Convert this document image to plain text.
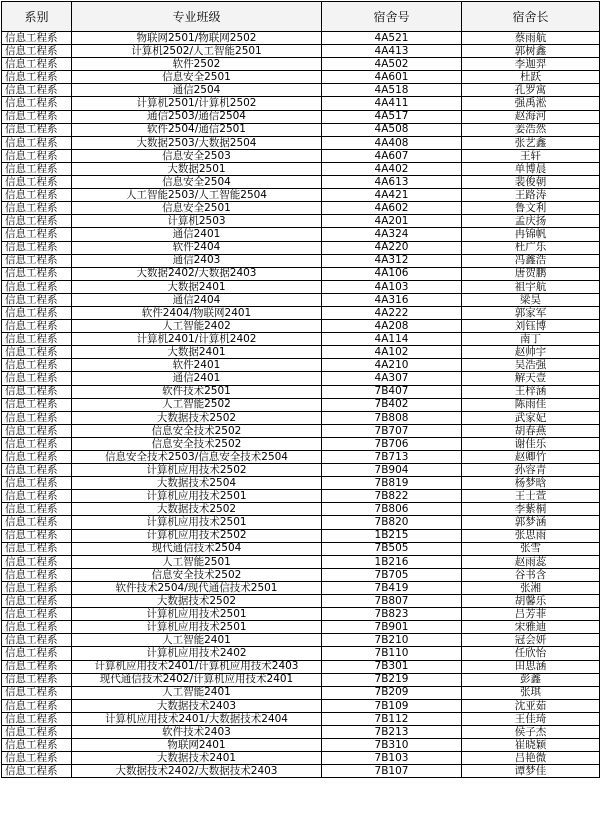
系别	专业班级	宿舍号	宿舍长
信息工程系	物联网2501/物联网2502	4A521	蔡雨航
信息工程系	计算机2502/人工智能2501	4A413	郭树鑫
信息工程系	软件2502	4A502	李迦羿
信息工程系	信息安全2501	4A601	杜跃
信息工程系	通信2504	4A518	孔罗寓
信息工程系	计算机2501/计算机2502	4A411	强禹淞
信息工程系	通信2503/通信2504	4A517	赵海河
信息工程系	软件2504/通信2501	4A508	姜浩然
信息工程系	大数据2503/大数据2504	4A408	张艺鑫
信息工程系	信息安全2503	4A607	王轩
信息工程系	大数据2501	4A402	单博晨
信息工程系	信息安全2504	4A613	裴俊朝
信息工程系	人工智能2503/人工智能2504	4A421	王路涛
信息工程系	信息安全2501	4A602	鲁文利
信息工程系	计算机2503	4A201	孟庆扬
信息工程系	通信2401	4A324	冉锦帆
信息工程系	软件2404	4A220	杜广乐
信息工程系	通信2403	4A312	冯鑫浩
信息工程系	大数据2402/大数据2403	4A106	唐贺鹏
信息工程系	大数据2401	4A103	祖宇航
信息工程系	通信2404	4A316	梁昊
信息工程系	软件2404/物联网2401	4A222	郭家军
信息工程系	人工智能2402	4A208	刘钰博
信息工程系	计算机2401/计算机2402	4A114	南丁
信息工程系	大数据2401	4A102	赵帅宇
信息工程系	软件2401	4A210	吴浩强
信息工程系	通信2401	4A307	解天壹
信息工程系	软件技术2501	7B407	王梓涵
信息工程系	人工智能2502	7B402	陈雨佳
信息工程系	大数据技术2502	7B808	武家妃
信息工程系	信息安全技术2502	7B707	胡春燕
信息工程系	信息安全技术2502	7B706	谢佳乐
信息工程系	信息安全技术2503/信息安全技术2504	7B713	赵卿竹
信息工程系	计算机应用技术2502	7B904	孙容青
信息工程系	大数据技术2504	7B819	杨梦晗
信息工程系	计算机应用技术2501	7B822	王士萱
信息工程系	大数据技术2502	7B806	李紫桐
信息工程系	计算机应用技术2501	7B820	郭梦涵
信息工程系	计算机应用技术2502	1B215	张思雨
信息工程系	现代通信技术2504	7B505	张雪
信息工程系	人工智能2501	1B216	赵雨蕊
信息工程系	信息安全技术2502	7B705	谷书含
信息工程系	软件技术2504/现代通信技术2501	7B419	张湘
信息工程系	大数据技术2502	7B807	胡馨乐
信息工程系	计算机应用技术2501	7B823	吕芳菲
信息工程系	计算机应用技术2501	7B901	宋雅迪
信息工程系	人工智能2401	7B210	冠会妍
信息工程系	计算机应用技术2402	7B110	任欣怡
信息工程系	计算机应用技术2401/计算机应用技术2403	7B301	田思涵
信息工程系	现代通信技术2402/计算机应用技术2401	7B219	彭鑫
信息工程系	人工智能2401	7B209	张琪
信息工程系	大数据技术2403	7B109	沈亚茹
信息工程系	计算机应用技术2401/大数据技术2404	7B112	王佳琦
信息工程系	软件技术2403	7B213	侯子杰
信息工程系	物联网2401	7B310	崔晓颖
信息工程系	大数据技术2401	7B103	吕艳微
信息工程系	大数据技术2402/大数据技术2403	7B107	谭梦佳
